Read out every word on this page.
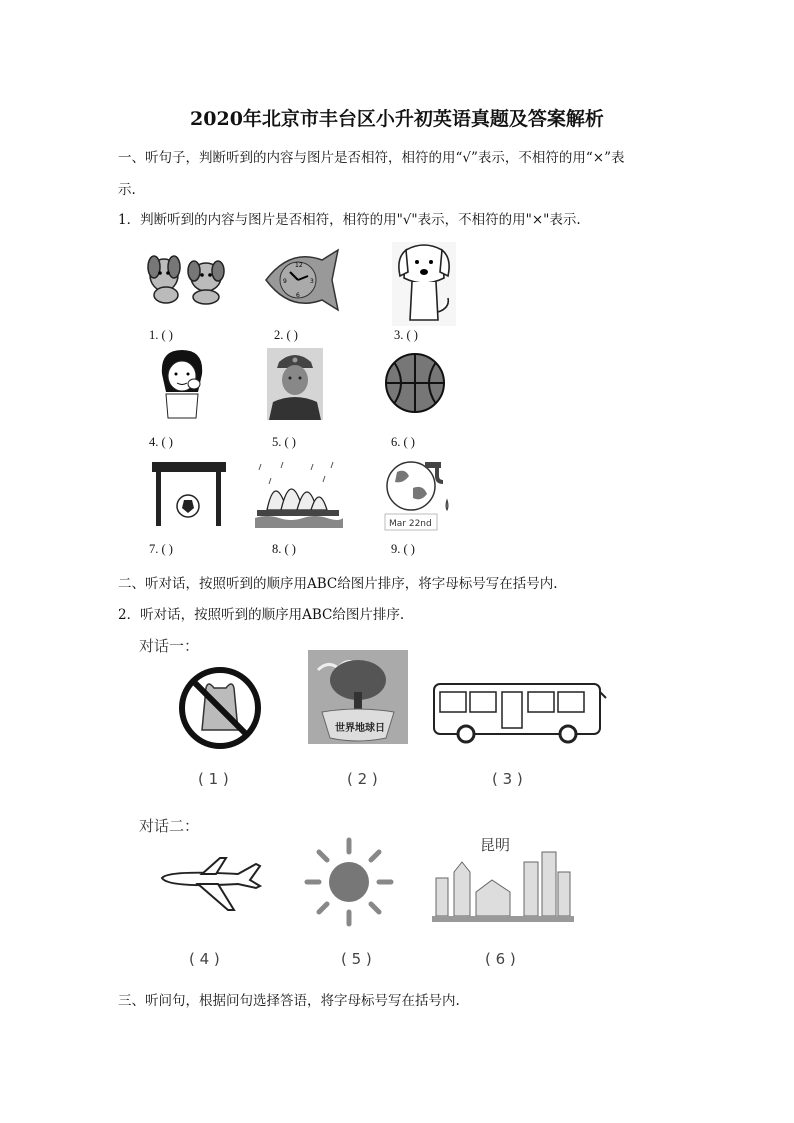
2020年北京市丰台区小升初英语真题及答案解析
一、听句子，判断听到的内容与图片是否相符，相符的用“√”表示，不相符的用“×”表
示.
1．判断听到的内容与图片是否相符，相符的用"√"表示，不相符的用"×"表示.
12
3
6
9
1. ( )	2. ( )	3. ( )
4. ( )	5. ( )	6. ( )
Mar 22nd
7. ( )	8. ( )	9. ( )
二、听对话，按照听到的顺序用ABC给图片排序，将字母标号写在括号内.
2．听对话，按照听到的顺序用ABC给图片排序.
对话一：
世界地球日
( 1 )	( 2 )	( 3 )
对话二：
昆明
( 4 )	( 5 )	( 6 )
三、听问句，根据问句选择答语，将字母标号写在括号内.
